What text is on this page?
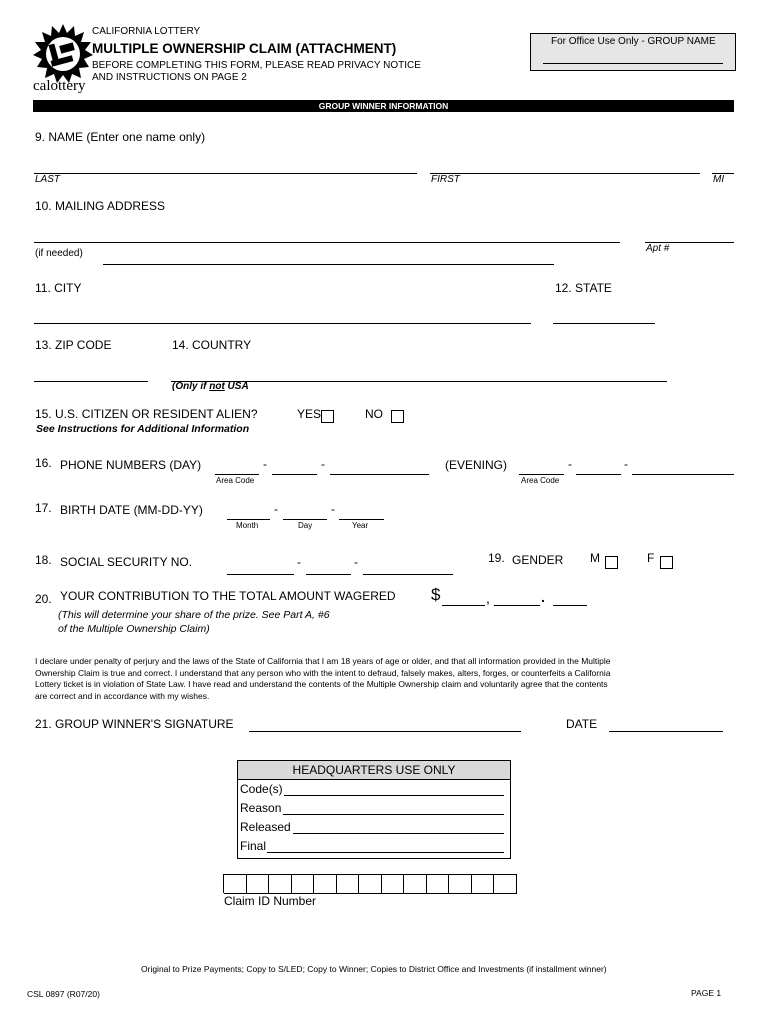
calottery
CALIFORNIA LOTTERY
MULTIPLE OWNERSHIP CLAIM (ATTACHMENT)
BEFORE COMPLETING THIS FORM, PLEASE READ PRIVACY NOTICE
AND INSTRUCTIONS ON PAGE 2
For Office Use Only - GROUP NAME
GROUP WINNER INFORMATION
9. NAME (Enter one name only)
LAST	FIRST	MI
10. MAILING ADDRESS
Apt #
(if needed)
11. CITY	12. STATE
13. ZIP CODE	14. COUNTRY
(Only if not USA
15. U.S. CITIZEN OR RESIDENT ALIEN?	YES	NO
See Instructions for Additional Information
16. PHONE NUMBERS (DAY)	-	-
Area Code
(EVENING)	-	-
Area Code
17. BIRTH DATE (MM-DD-YY)	-	-
Month	Day	Year
18. SOCIAL SECURITY NO.	-	-	19. GENDER M	F
20. YOUR CONTRIBUTION TO THE TOTAL AMOUNT WAGERED $	,	.
(This will determine your share of the prize. See Part A, #6
of the Multiple Ownership Claim)
I declare under penalty of perjury and the laws of the State of California that I am 18 years of age or older, and that all information provided in the Multiple
Ownership Claim is true and correct. I understand that any person who with the intent to defraud, falsely makes, alters, forges, or counterfeits a California
Lottery ticket is in violation of State Law. I have read and understand the contents of the Multiple Ownership claim and voluntarily agree that the contents
are correct and in accordance with my wishes.
21. GROUP WINNER'S SIGNATURE	DATE
HEADQUARTERS USE ONLY
Code(s)
Reason
Released
Final
Claim ID Number
Original to Prize Payments; Copy to S/LED; Copy to Winner; Copies to District Office and Investments (if installment winner)
CSL 0897 (R07/20)	PAGE 1
